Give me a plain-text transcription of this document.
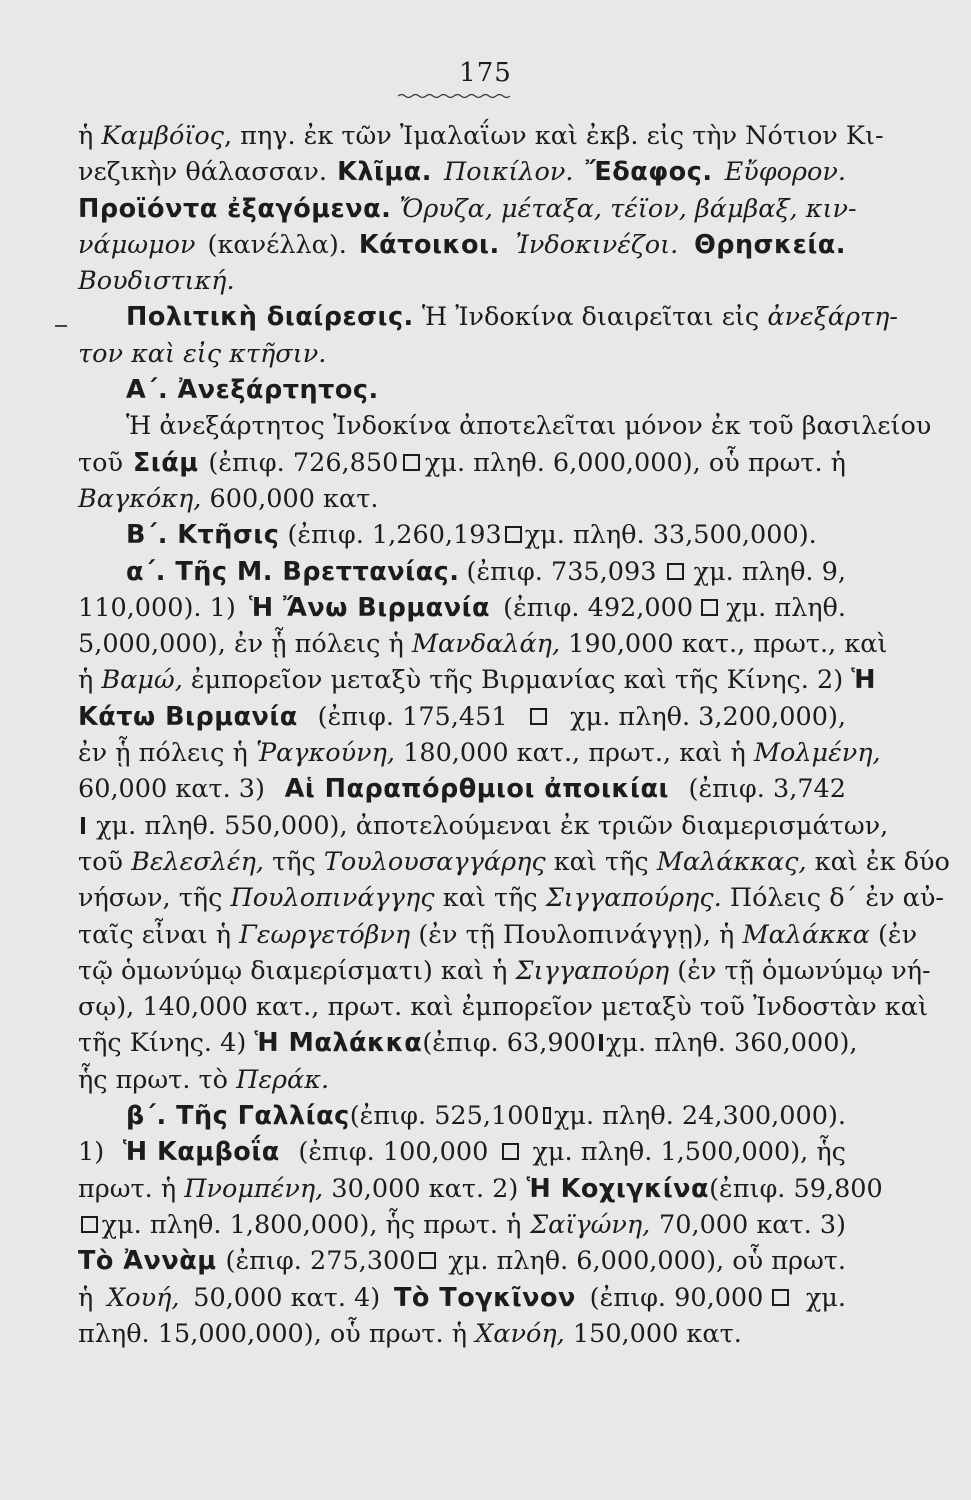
175
ἡ Καμβόϊος , πηγ. ἐκ τῶν Ἰμαλαΐων καὶ ἐκβ. εἰς τὴν Νότιον Κι-
νεζικὴν θάλασσαν. Κλῖμα.
Ποικίλον.
Ἔδαφος.
Εὔφορον.
Προϊόντα ἐξαγόμενα.
Ὄρυζα, μέταξα, τέϊον, βάμβαξ, κιν-
νάμωμον (κανέλλα). Κάτοικοι.
Ἰνδοκινέζοι.
Θρησκεία.
Βουδιστική.
Πολιτικὴ διαίρεσις. Ἡ Ἰνδοκίνα διαιρεῖται εἰς ἀνεξάρτη-
τον καὶ εἰς κτῆσιν.
Α΄. Ἀνεξάρτητος.
Ἡ ἀνεξάρτητος Ἰνδοκίνα ἀποτελεῖται μόνον ἐκ τοῦ βασιλείου
τοῦ Σιάμ (ἐπιφ. 726,850 χμ. πληθ. 6,000,000), οὗ πρωτ. ἡ
Βαγκόκη, 600,000 κατ.
Β΄. Κτῆσις (ἐπιφ. 1,260,193 χμ. πληθ. 33,500,000).
α΄. Τῆς Μ. Βρεττανίας. (ἐπιφ. 735,093 χμ. πληθ. 9,
110,000). 1) Ἡ Ἄνω Βιρμανία (ἐπιφ. 492,000 χμ. πληθ.
5,000,000), ἐν ᾗ πόλεις ἡ Μανδαλάη, 190,000 κατ., πρωτ., καὶ
ἡ Βαμώ, ἐμπορεῖον μεταξὺ τῆς Βιρμανίας καὶ τῆς Κίνης. 2) Ἡ
Κάτω Βιρμανία (ἐπιφ. 175,451 χμ. πληθ. 3,200,000),
ἐν ᾗ πόλεις ἡ Ῥαγκούνη, 180,000 κατ., πρωτ., καὶ ἡ Μολμένη,
60,000 κατ. 3) Αἱ Παραπόρθμιοι ἀποικίαι (ἐπιφ. 3,742
χμ. πληθ. 550,000), ἀποτελούμεναι ἐκ τριῶν διαμερισμάτων,
τοῦ Βελεσλέη, τῆς Τουλουσαγγάρης καὶ τῆς Μαλάκκας, καὶ ἐκ δύο
νήσων, τῆς Πουλοπινάγγης καὶ τῆς Σιγγαπούρης. Πόλεις δ΄ ἐν αὐ-
ταῖς εἶναι ἡ Γεωργετόβνη (ἐν τῇ Πουλοπινάγγῃ), ἡ Μαλάκκα (ἐν
τῷ ὁμωνύμῳ διαμερίσματι) καὶ ἡ Σιγγαπούρη (ἐν τῇ ὁμωνύμῳ νή-
σῳ), 140,000 κατ., πρωτ. καὶ ἐμπορεῖον μεταξὺ τοῦ Ἰνδοστὰν καὶ
τῆς Κίνης. 4) Ἡ Μαλάκκα (ἐπιφ. 63,900 χμ. πληθ. 360,000),
ἧς πρωτ. τὸ Περάκ.
β΄. Τῆς Γαλλίας (ἐπιφ. 525,100 χμ. πληθ. 24,300,000).
1) Ἡ Καμβοΐα (ἐπιφ. 100,000 χμ. πληθ. 1,500,000), ἧς
πρωτ. ἡ Πνομπένη, 30,000 κατ. 2) Ἡ Κοχιγκίνα (ἐπιφ. 59,800
χμ. πληθ. 1,800,000), ἧς πρωτ. ἡ Σαϊγώνη, 70,000 κατ. 3)
Τὸ Ἀννὰμ (ἐπιφ. 275,300 χμ. πληθ. 6,000,000), οὗ πρωτ.
ἡ Χουή, 50,000 κατ. 4) Τὸ Τογκῖνον (ἐπιφ. 90,000 χμ.
πληθ. 15,000,000), οὗ πρωτ. ἡ Χανόη, 150,000 κατ.
